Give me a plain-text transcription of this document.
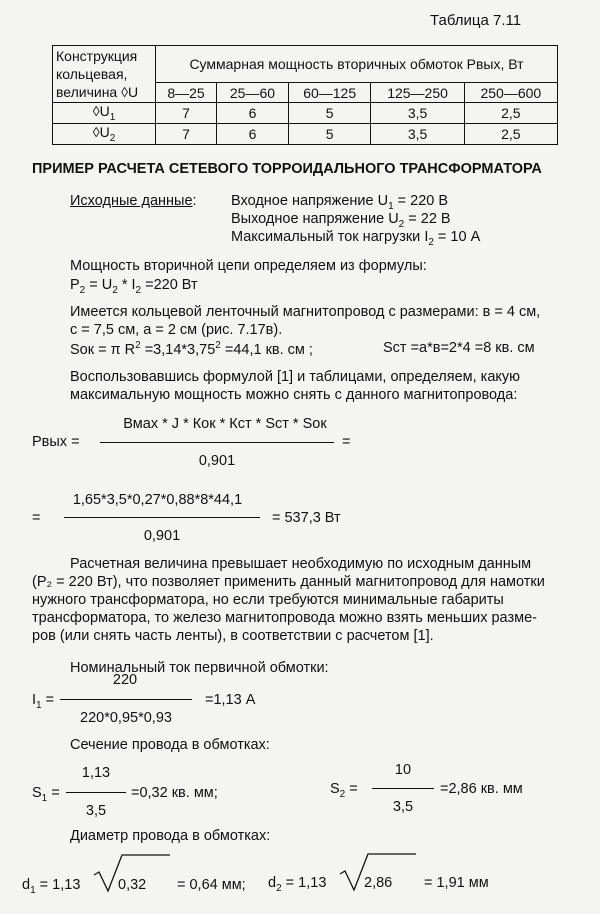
Таблица 7.11
Конструкция
кольцевая,
величина ◊U	Суммарная мощность вторичных обмоток Рвых, Вт				
	8—25	25—60	60—125	125—250	250—600
$◊U_1$	7	6	5	3,5	2,5
$◊U_2$	7	6	5	3,5	2,5
ПРИМЕР РАСЧЕТА СЕТЕВОГО ТОРРОИДАЛЬНОГО ТРАНСФОРМАТОРА
Исходные данные: Входное напряжение $U_1 = 220$ В
Выходное напряжение $U_2 = 22$ В
Максимальный ток нагрузки $I_2 = 10$ А
Мощность вторичной цепи определяем из формулы:
$P_2 = U_2 * I_2 =220$ Вт
Имеется кольцевой ленточный магнитопровод с размерами: в = 4 см,
с = 7,5 см, а = 2 см (рис. 7.17в).
Sок = π $R^2 =3,14*3,75^2 =44,1$ кв. см ;	Sст =а*в=2*4 =8 кв. см
Воспользовавшись формулой [1] и таблицами, определяем, какую
максимальную мощность можно снять с данного магнитопровода:
Рвых =
Вмах * J * Кок * Кст * Sст * Sок
0,901
=
=
1,65*3,5*0,27*0,88*8*44,1
0,901
= 537,3 Вт
Расчетная величина превышает необходимую по исходным данным
(Р₂ = 220 Вт), что позволяет применить данный магнитопровод для намотки
нужного трансформатора, но если требуются минимальные габариты
трансформатора, то железо магнитопровода можно взять меньших разме-
ров (или снять часть ленты), в соответствии с расчетом [1].
Номинальный ток первичной обмотки:
$I_1$ =
220
220*0,95*0,93
=1,13 А
Сечение провода в обмотках:
$S_1$ =
1,13
3,5
=0,32 кв. мм;	$S_2$ =
10
3,5
=2,86 кв. мм
Диаметр провода в обмотках:
$d_1 = 1,13$	0,32 = 0,64 мм; $d_2 = 1,13$	2,86 = 1,91 мм
